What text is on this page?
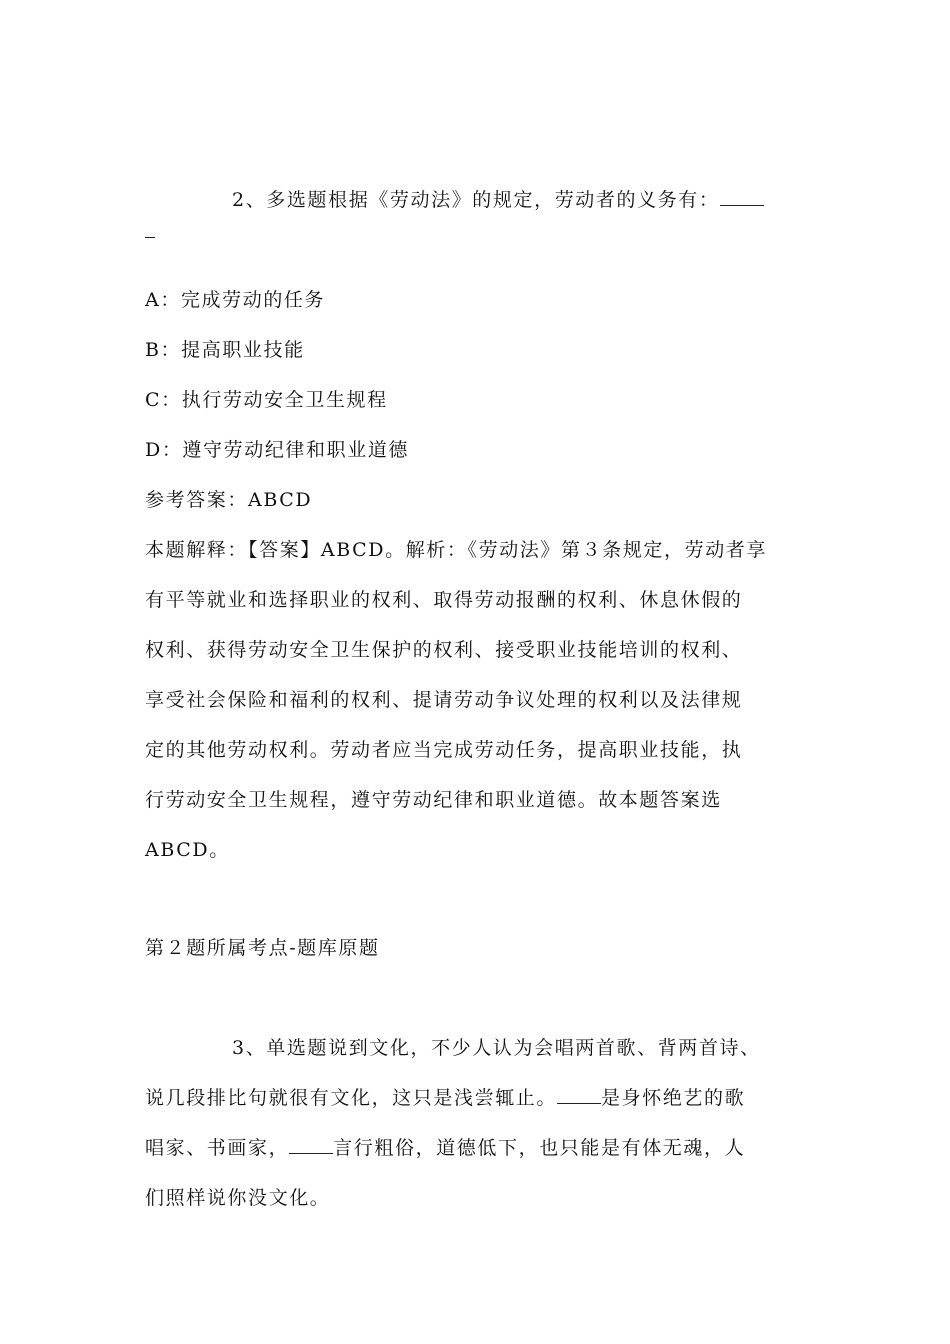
2、多选题根据《劳动法》的规定，劳动者的义务有：
A：完成劳动的任务
B：提高职业技能
C：执行劳动安全卫生规程
D：遵守劳动纪律和职业道德
参考答案：ABCD
本题解释：【答案】ABCD。解析：《劳动法》第３条规定，劳动者享
有平等就业和选择职业的权利、取得劳动报酬的权利、休息休假的
权利、获得劳动安全卫生保护的权利、接受职业技能培训的权利、
享受社会保险和福利的权利、提请劳动争议处理的权利以及法律规
定的其他劳动权利。劳动者应当完成劳动任务，提高职业技能，执
行劳动安全卫生规程，遵守劳动纪律和职业道德。故本题答案选
ABCD。
第２题所属考点-题库原题
3、单选题说到文化，不少人认为会唱两首歌、背两首诗、
说几段排比句就很有文化，这只是浅尝辄止。 是身怀绝艺的歌
唱家、书画家， 言行粗俗，道德低下，也只能是有体无魂，人
们照样说你没文化。
